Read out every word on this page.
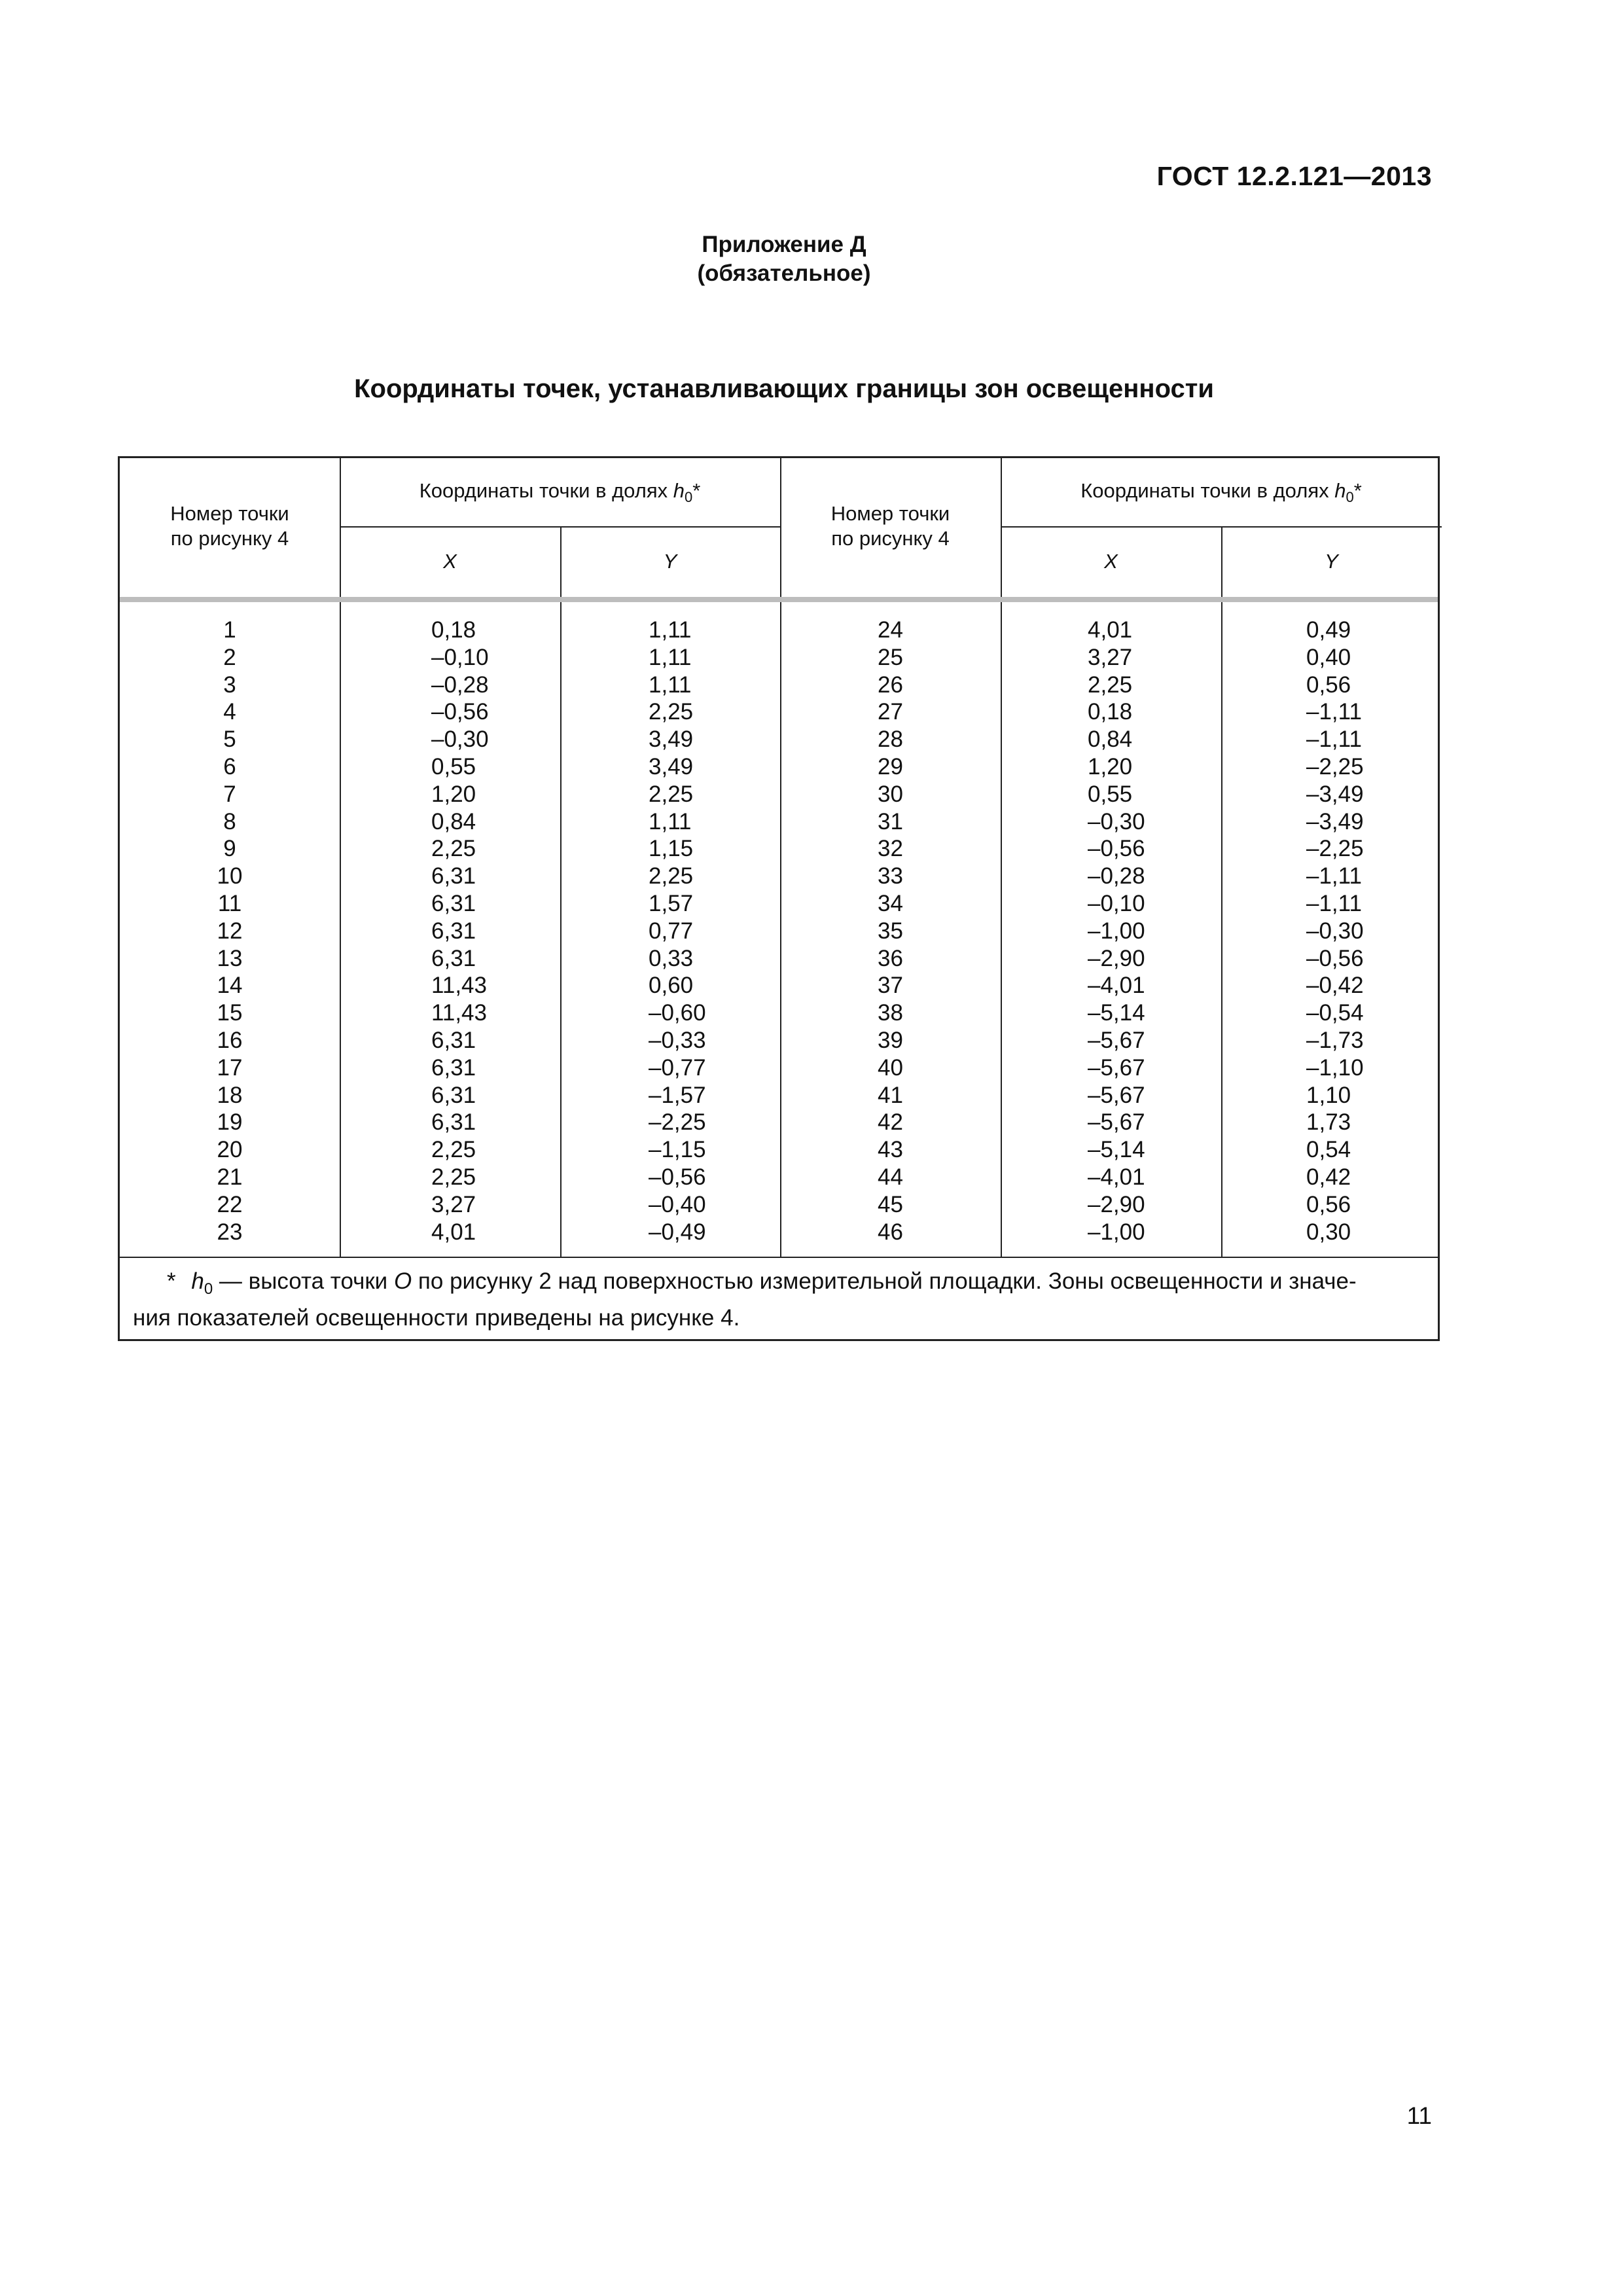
ГОСТ 12.2.121—2013
Приложение Д
(обязательное)
Координаты точек, устанавливающих границы зон освещенности
Номер точки
по рисунку 4
Координаты точки в долях $h_0*$
X	Y
Номер точки
по рисунку 4
Координаты точки в долях $h_0*$
X	Y
1
2
3
4
5
6
7
8
9
10
11
12
13
14
15
16
17
18
19
20
21
22
23
0,18
–0,10
–0,28
–0,56
–0,30
0,55
1,20
0,84
2,25
6,31
6,31
6,31
6,31
11,43
11,43
6,31
6,31
6,31
6,31
2,25
2,25
3,27
4,01
1,11
1,11
1,11
2,25
3,49
3,49
2,25
1,11
1,15
2,25
1,57
0,77
0,33
0,60
–0,60
–0,33
–0,77
–1,57
–2,25
–1,15
–0,56
–0,40
–0,49
24
25
26
27
28
29
30
31
32
33
34
35
36
37
38
39
40
41
42
43
44
45
46
4,01
3,27
2,25
0,18
0,84
1,20
0,55
–0,30
–0,56
–0,28
–0,10
–1,00
–2,90
–4,01
–5,14
–5,67
–5,67
–5,67
–5,67
–5,14
–4,01
–2,90
–1,00
0,49
0,40
0,56
–1,11
–1,11
–2,25
–3,49
–3,49
–2,25
–1,11
–1,11
–0,30
–0,56
–0,42
–0,54
–1,73
–1,10
1,10
1,73
0,54
0,42
0,56
0,30
* $h_0$ — высота точки О по рисунку 2 над поверхностью измерительной площадки. Зоны освещенности и значе-
ния показателей освещенности приведены на рисунке 4.
11
